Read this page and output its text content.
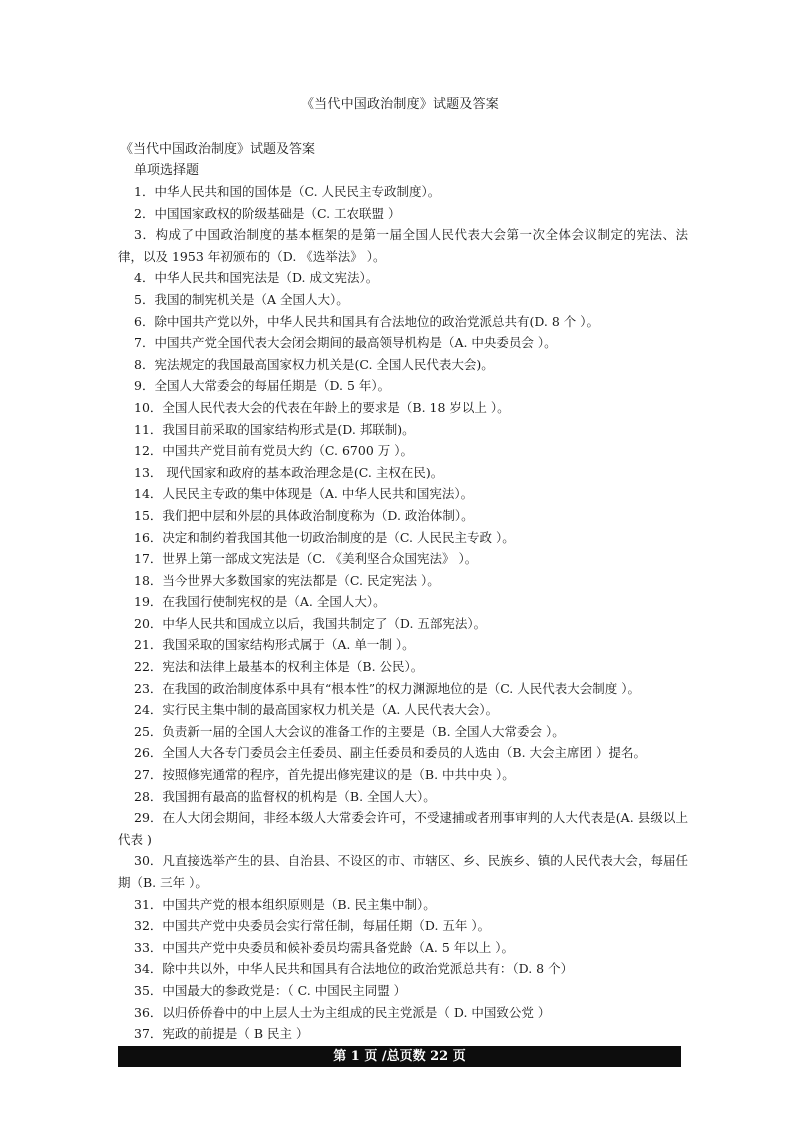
《当代中国政治制度》试题及答案
《当代中国政治制度》试题及答案
单项选择题
1．中华人民共和国的国体是（C. 人民民主专政制度）。
2．中国国家政权的阶级基础是（C. 工农联盟 ）
3．构成了中国政治制度的基本框架的是第一届全国人民代表大会第一次全体会议制定的宪法、法律，以及 1953 年初颁布的（D. 《选举法》 ）。
4．中华人民共和国宪法是（D. 成文宪法）。
5．我国的制宪机关是（A 全国人大）。
6．除中国共产党以外，中华人民共和国具有合法地位的政治党派总共有(D. 8 个 ）。
7．中国共产党全国代表大会闭会期间的最高领导机构是（A. 中央委员会 ）。
8．宪法规定的我国最高国家权力机关是(C. 全国人民代表大会)。
9．全国人大常委会的每届任期是（D. 5 年）。
10．全国人民代表大会的代表在年龄上的要求是（B. 18 岁以上 ）。
11．我国目前采取的国家结构形式是(D. 邦联制)。
12．中国共产党目前有党员大约（C. 6700 万 ）。
13． 现代国家和政府的基本政治理念是(C. 主权在民)。
14．人民民主专政的集中体现是（A. 中华人民共和国宪法）。
15．我们把中层和外层的具体政治制度称为（D. 政治体制）。
16．决定和制约着我国其他一切政治制度的是（C. 人民民主专政 ）。
17．世界上第一部成文宪法是（C. 《美利坚合众国宪法》 ）。
18．当今世界大多数国家的宪法都是（C. 民定宪法 ）。
19．在我国行使制宪权的是（A. 全国人大）。
20．中华人民共和国成立以后，我国共制定了（D. 五部宪法）。
21．我国采取的国家结构形式属于（A. 单一制 ）。
22．宪法和法律上最基本的权利主体是（B. 公民）。
23．在我国的政治制度体系中具有“根本性”的权力渊源地位的是（C. 人民代表大会制度 ）。
24．实行民主集中制的最高国家权力机关是（A. 人民代表大会）。
25．负责新一届的全国人大会议的准备工作的主要是（B. 全国人大常委会 ）。
26．全国人大各专门委员会主任委员、副主任委员和委员的人选由（B. 大会主席团 ）提名。
27．按照修宪通常的程序，首先提出修宪建议的是（B. 中共中央 ）。
28．我国拥有最高的监督权的机构是（B. 全国人大）。
29．在人大闭会期间，非经本级人大常委会许可，不受逮捕或者刑事审判的人大代表是(A. 县级以上代表 )
30．凡直接选举产生的县、自治县、不设区的市、市辖区、乡、民族乡、镇的人民代表大会，每届任期（B. 三年 ）。
31．中国共产党的根本组织原则是（B. 民主集中制）。
32．中国共产党中央委员会实行常任制，每届任期（D. 五年 ）。
33．中国共产党中央委员和候补委员均需具备党龄（A. 5 年以上 ）。
34．除中共以外，中华人民共和国具有合法地位的政治党派总共有：（D. 8 个）
35．中国最大的参政党是：（ C. 中国民主同盟 ）
36．以归侨侨眷中的中上层人士为主组成的民主党派是（ D. 中国致公党 ）
37．宪政的前提是（ B 民主 ）
第 1 页 /总页数 22 页
